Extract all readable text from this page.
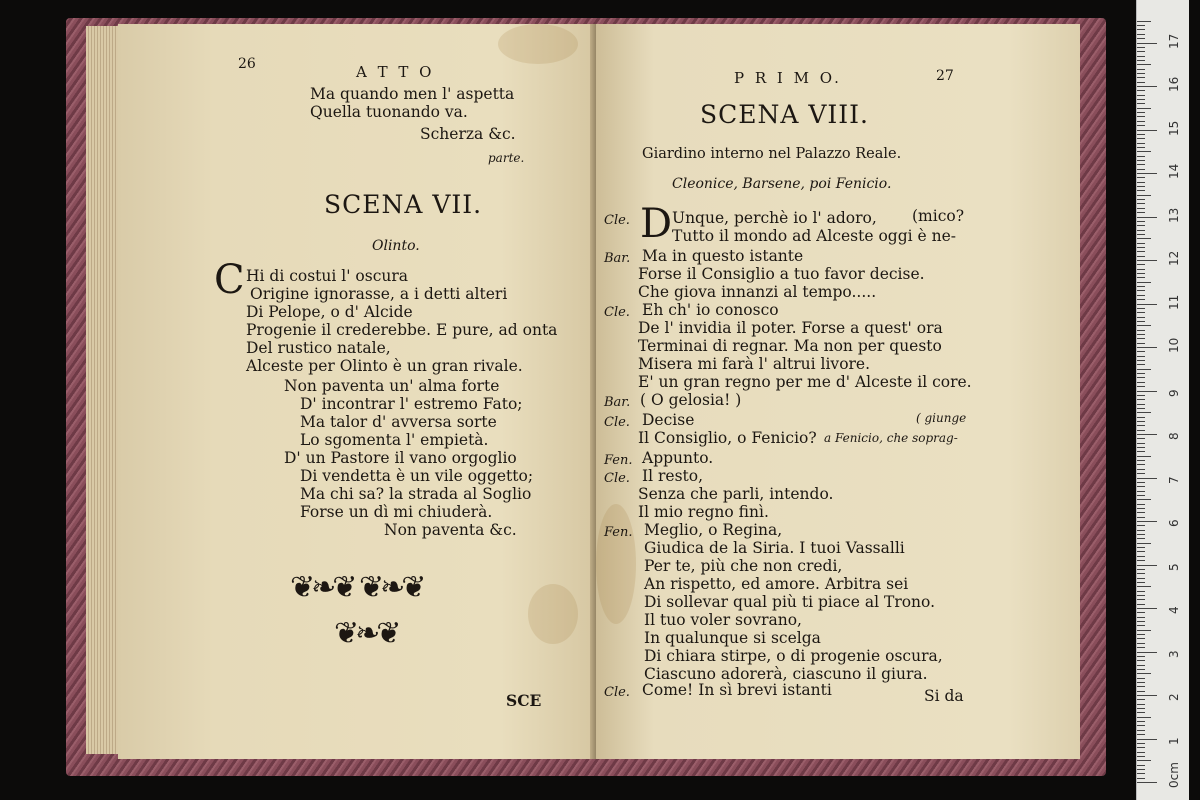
26	A T T O
Ma quando men l' aspetta
Quella tuonando va.
Scherza &c.
parte.
SCENA VII.
Olinto.
C Hi di costui l' oscura
Origine ignorasse, a i detti alteri
Di Pelope, o d' Alcide
Progenie il crederebbe. E pure, ad onta
Del rustico natale,
Alceste per Olinto è un gran rivale.
Non paventa un' alma forte
D' incontrar l' estremo Fato;
Ma talor d' avversa sorte
Lo sgomenta l' empietà.
D' un Pastore il vano orgoglio
Di vendetta è un vile oggetto;
Ma chi sa? la strada al Soglio
Forse un dì mi chiuderà.
Non paventa &c.
❦❧❦ ❦❧❦
❦❧❦
SCE
P R I M O.	27
SCENA VIII.
Giardino interno nel Palazzo Reale.
Cleonice, Barsene, poi Fenicio.
Cle. D Unque, perchè io l' adoro, (mico?
Tutto il mondo ad Alceste oggi è ne-
Bar. Ma in questo istante
Forse il Consiglio a tuo favor decise.
Che giova innanzi al tempo.....
Cle. Eh ch' io conosco
De l' invidia il poter. Forse a quest' ora
Terminai di regnar. Ma non per questo
Misera mi farà l' altrui livore.
E' un gran regno per me d' Alceste il core.
Bar. ( O gelosia! )
Cle. Decise	( giunge
Il Consiglio, o Fenicio? a Fenicio, che soprag-
Fen. Appunto.
Cle. Il resto,
Senza che parli, intendo.
Il mio regno finì.
Fen. Meglio, o Regina,
Giudica de la Siria. I tuoi Vassalli
Per te, più che non credi,
An rispetto, ed amore. Arbitra sei
Di sollevar qual più ti piace al Trono.
Il tuo voler sovrano,
In qualunque si scelga
Di chiara stirpe, o di progenie oscura,
Ciascuno adorerà, ciascuno il giura.
Cle. Come! In sì brevi istanti	Si da
0cm
1
2
3
4
5
6
7
8
9
10
11
12
13
14
15
16
17
